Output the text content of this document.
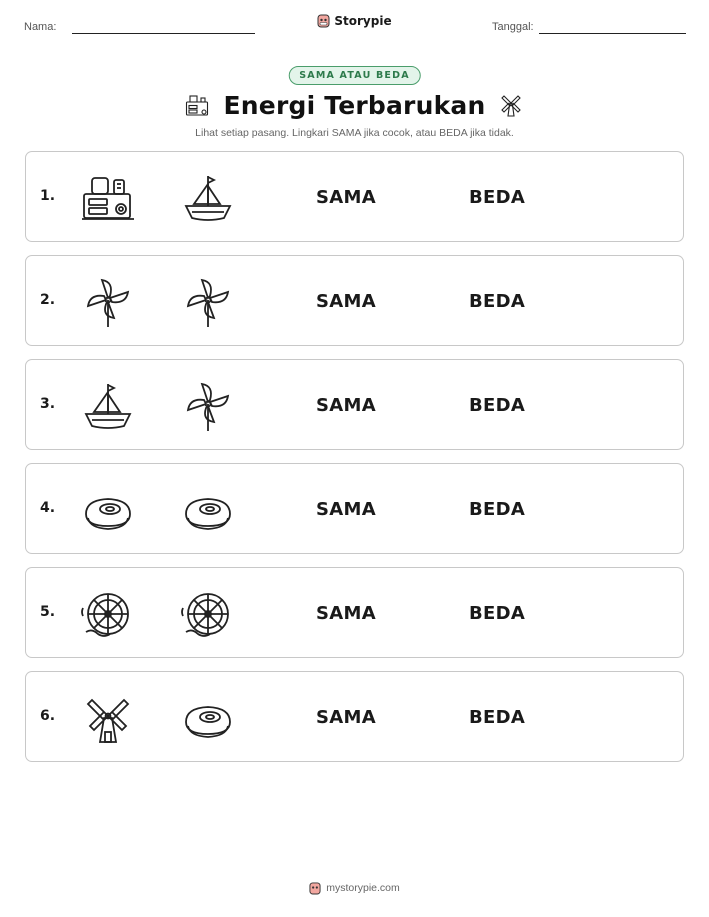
Nama:	Storypie	Tanggal:
SAMA ATAU BEDA
Energi Terbarukan
Lihat setiap pasang. Lingkari SAMA jika cocok, atau BEDA jika tidak.
1.	SAMA	BEDA
2.	SAMA	BEDA
3.	SAMA	BEDA
4.	SAMA	BEDA
5.	SAMA	BEDA
6.	SAMA	BEDA
mystorypie.com
